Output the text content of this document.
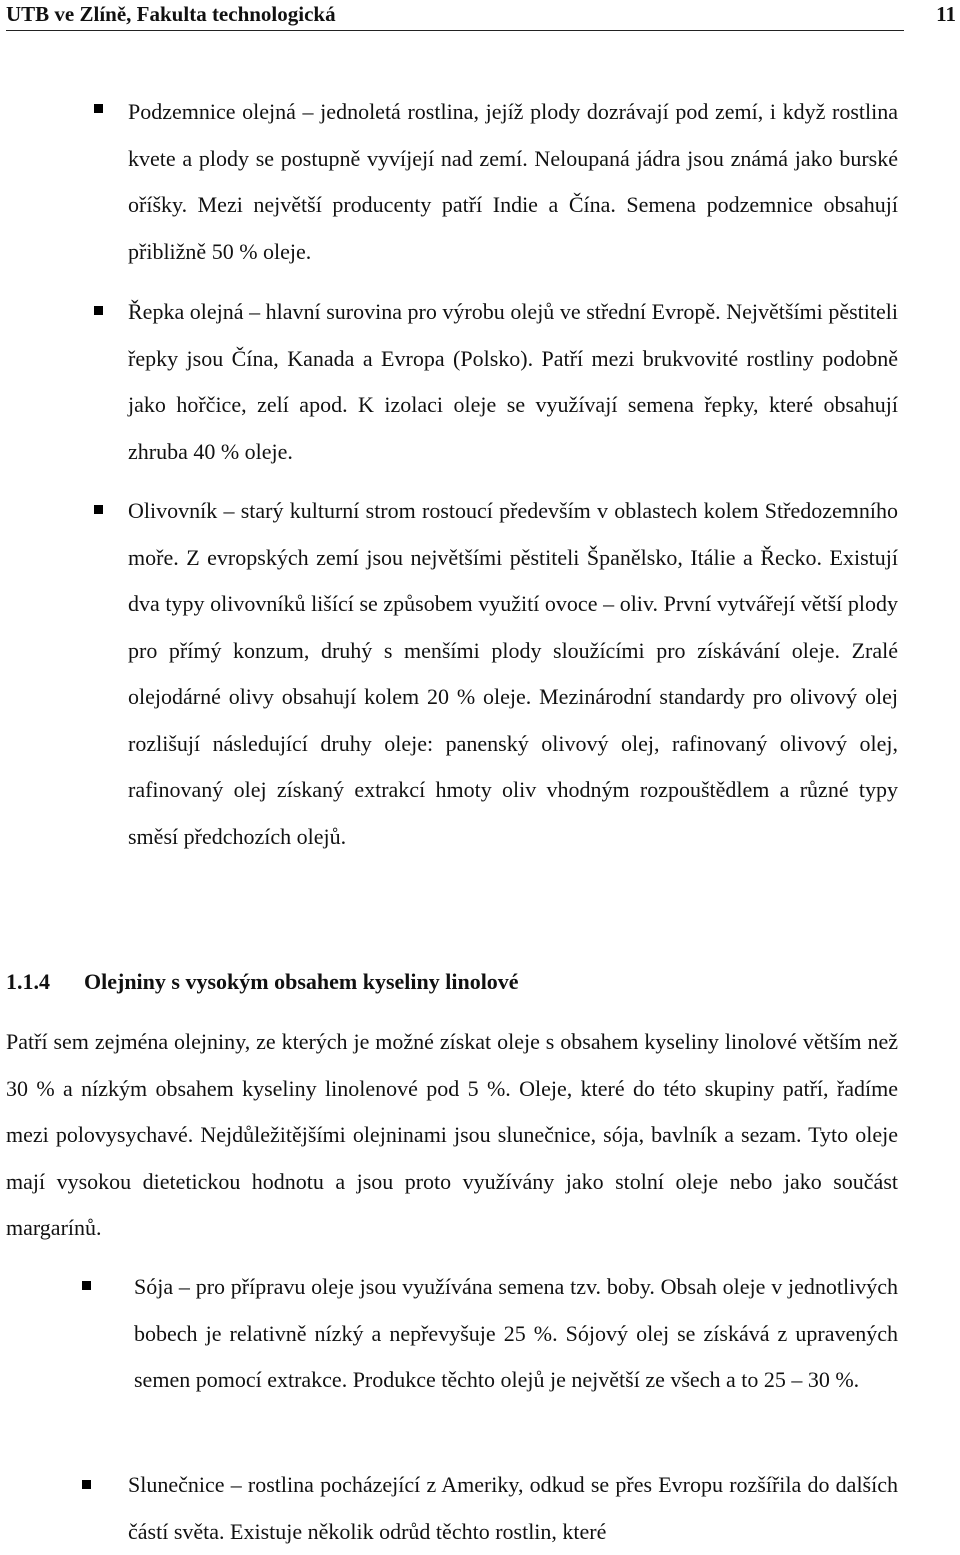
UTB ve Zlíně, Fakulta technologická	11

Podzemnice olejná – jednoletá rostlina, jejíž plody dozrávají pod zemí, i když rostlina kvete a plody se postupně vyvíjejí nad zemí. Neloupaná jádra jsou známá jako burské oříšky. Mezi největší producenty patří Indie a Čína. Semena podzemnice obsahují přibližně 50 % oleje.

Řepka olejná – hlavní surovina pro výrobu olejů ve střední Evropě. Největšími pěstiteli řepky jsou Čína, Kanada a Evropa (Polsko). Patří mezi brukvovité rostliny podobně jako hořčice, zelí apod. K izolaci oleje se využívají semena řepky, které obsahují zhruba 40 % oleje.

Olivovník – starý kulturní strom rostoucí především v oblastech kolem Středozemního moře. Z evropských zemí jsou největšími pěstiteli Španělsko, Itálie a Řecko. Existují dva typy olivovníků lišící se způsobem využití ovoce – oliv. První vytvářejí větší plody pro přímý konzum, druhý s menšími plody sloužícími pro získávání oleje. Zralé olejodárné olivy obsahují kolem 20 % oleje. Mezinárodní standardy pro olivový olej rozlišují následující druhy oleje: panenský olivový olej, rafinovaný olivový olej, rafinovaný olej získaný extrakcí hmoty oliv vhodným rozpouštědlem a různé typy směsí předchozích olejů.

1.1.4 Olejniny s vysokým obsahem kyseliny linolové

Patří sem zejména olejniny, ze kterých je možné získat oleje s obsahem kyseliny linolové větším než 30 % a nízkým obsahem kyseliny linolenové pod 5 %. Oleje, které do této skupiny patří, řadíme mezi polovysychavé. Nejdůležitějšími olejninami jsou slunečnice, sója, bavlník a sezam. Tyto oleje mají vysokou dietetickou hodnotu a jsou proto využívány jako stolní oleje nebo jako součást margarínů.

Sója – pro přípravu oleje jsou využívána semena tzv. boby. Obsah oleje v jednotlivých bobech je relativně nízký a nepřevyšuje 25 %. Sójový olej se získává z upravených semen pomocí extrakce. Produkce těchto olejů je největší ze všech a to 25 – 30 %.

Slunečnice – rostlina pocházející z Ameriky, odkud se přes Evropu rozšířila do dalších částí světa. Existuje několik odrůd těchto rostlin, které
